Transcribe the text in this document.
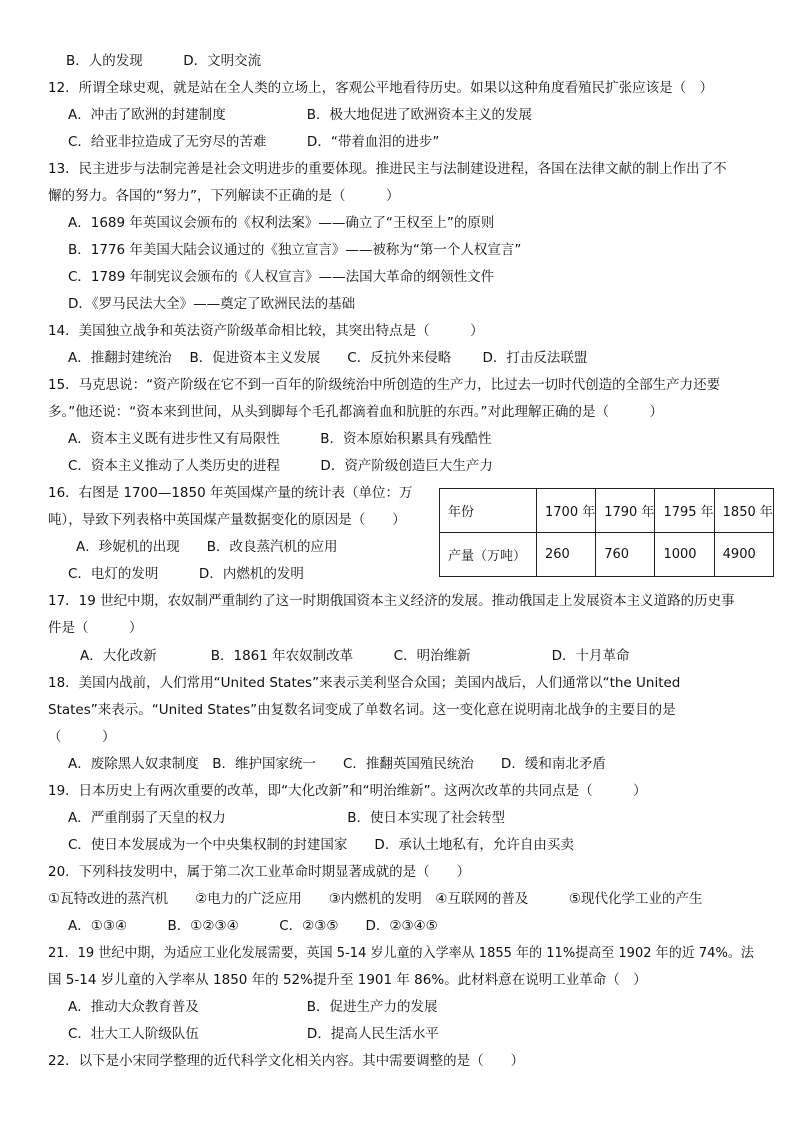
B．人的发现　　　D．文明交流
12．所谓全球史观，就是站在全人类的立场上，客观公平地看待历史。如果以这种角度看殖民扩张应该是（　）
A．冲击了欧洲的封建制度　　　　　　B．极大地促进了欧洲资本主义的发展
C．给亚非拉造成了无穷尽的苦难　　　D．“带着血泪的进步”
13．民主进步与法制完善是社会文明进步的重要体现。推进民主与法制建设进程，各国在法律文献的制上作出了不
懈的努力。各国的“努力”，下列解读不正确的是（　　　）
A．1689 年英国议会颁布的《权利法案》——确立了“王权至上”的原则
B．1776 年美国大陆会议通过的《独立宣言》——被称为“第一个人权宣言”
C．1789 年制宪议会颁布的《人权宣言》——法国大革命的纲领性文件
D．《罗马民法大全》——奠定了欧洲民法的基础
14．美国独立战争和英法资产阶级革命相比较，其突出特点是（　　　）
A．推翻封建统治　 B．促进资本主义发展　　C．反抗外来侵略　　 D．打击反法联盟
15．马克思说：“资产阶级在它不到一百年的阶级统治中所创造的生产力，比过去一切时代创造的全部生产力还要
多。”他还说：“资本来到世间，从头到脚每个毛孔都滴着血和肮脏的东西。”对此理解正确的是（　　　）
A．资本主义既有进步性又有局限性　　　B．资本原始积累具有残酷性
C．资本主义推动了人类历史的进程　　　D．资产阶级创造巨大生产力
16．右图是 1700—1850 年英国煤产量的统计表（单位：万
吨），导致下列表格中英国煤产量数据变化的原因是（　　）
A．珍妮机的出现　　B．改良蒸汽机的应用
C．电灯的发明　　　D．内燃机的发明
17．19 世纪中期，农奴制严重制约了这一时期俄国资本主义经济的发展。推动俄国走上发展资本主义道路的历史事
件是（　　　）
A．大化改新　　　　B．1861 年农奴制改革　　　C．明治维新　　　　　　D．十月革命
18．美国内战前，人们常用“United States”来表示美利坚合众国；美国内战后，人们通常以“the United
States”来表示。“United States”由复数名词变成了单数名词。这一变化意在说明南北战争的主要目的是
（　　　）
A．废除黑人奴隶制度　B．维护国家统一　　C．推翻英国殖民统治　　D．缓和南北矛盾
19．日本历史上有两次重要的改革，即“大化改新”和“明治维新”。这两次改革的共同点是（　　　）
A．严重削弱了天皇的权力　　　　　　　　　B．使日本实现了社会转型
C．使日本发展成为一个中央集权制的封建国家　　D．承认土地私有，允许自由买卖
20．下列科技发明中，属于第二次工业革命时期显著成就的是（　　）
①瓦特改进的蒸汽机　　②电力的广泛应用　　③内燃机的发明　④互联网的普及　　　⑤现代化学工业的产生
A．①③④　　　B．①②③④　　　C．②③⑤　　D．②③④⑤
21．19 世纪中期，为适应工业化发展需要，英国 5-14 岁儿童的入学率从 1855 年的 11%提高至 1902 年的近 74%。法
国 5-14 岁儿童的入学率从 1850 年的 52%提升至 1901 年 86%。此材料意在说明工业革命（　）
A．推动大众教育普及　　　　　　　　B．促进生产力的发展
C．壮大工人阶级队伍　　　　　　　　D．提高人民生活水平
22．以下是小宋同学整理的近代科学文化相关内容。其中需要调整的是（　　）
年份	1700 年	1790 年	1795 年	1850 年
产量（万吨）	260	760	1000	4900
